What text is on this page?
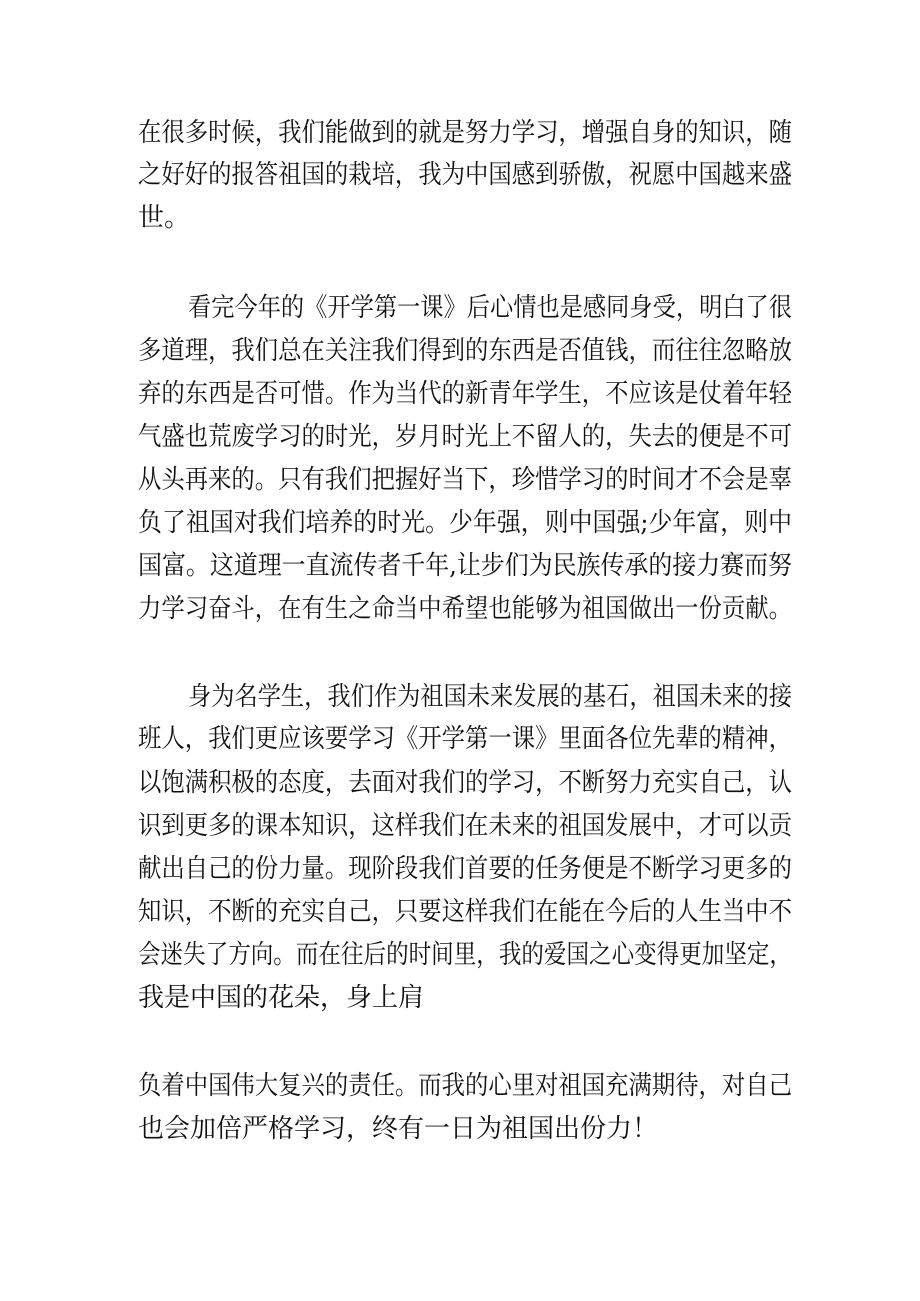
在很多时候，我们能做到的就是努力学习，增强自身的知识，随
之好好的报答祖国的栽培，我为中国感到骄傲，祝愿中国越来盛
世。
看完今年的《开学第一课》后心情也是感同身受，明白了很
多道理，我们总在关注我们得到的东西是否值钱，而往往忽略放
弃的东西是否可惜。作为当代的新青年学生，不应该是仗着年轻
气盛也荒废学习的时光，岁月时光上不留人的，失去的便是不可
从头再来的。只有我们把握好当下，珍惜学习的时间才不会是辜
负了祖国对我们培养的时光。少年强，则中国强;少年富，则中
国富。这道理一直流传者千年,让步们为民族传承的接力赛而努
力学习奋斗，在有生之命当中希望也能够为祖国做出一份贡献。
身为名学生，我们作为祖国未来发展的基石，祖国未来的接
班人，我们更应该要学习《开学第一课》里面各位先辈的精神，
以饱满积极的态度，去面对我们的学习，不断努力充实自己，认
识到更多的课本知识，这样我们在未来的祖国发展中，才可以贡
献出自己的份力量。现阶段我们首要的任务便是不断学习更多的
知识，不断的充实自己，只要这样我们在能在今后的人生当中不
会迷失了方向。而在往后的时间里，我的爱国之心变得更加坚定，
我是中国的花朵，身上肩
负着中国伟大复兴的责任。而我的心里对祖国充满期待，对自己
也会加倍严格学习，终有一日为祖国出份力！
